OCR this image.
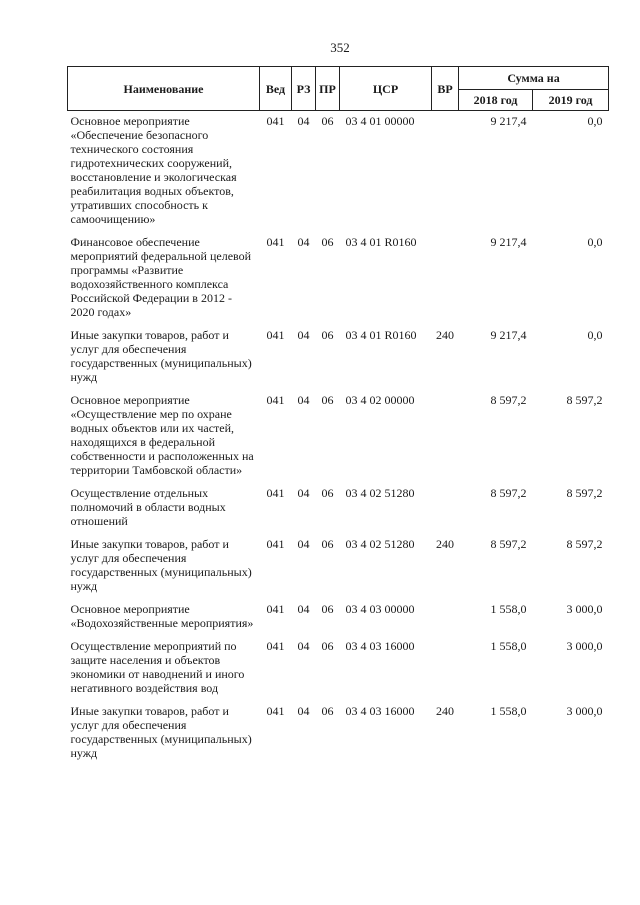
352
Наименование	Вед	РЗ	ПР	ЦСР	ВР	Сумма на	
						2018 год	2019 год
Основное мероприятие «Обеспечение безопасного технического состояния гидротехнических сооружений, восстановление и экологическая реабилитация водных объектов, утративших способность к самоочищению»	041	04	06	03 4 01 00000		9 217,4	0,0
Финансовое обеспечение мероприятий федеральной целевой программы «Развитие водохозяйственного комплекса Российской Федерации в 2012 - 2020 годах»	041	04	06	03 4 01 R0160		9 217,4	0,0
Иные закупки товаров, работ и услуг для обеспечения государственных (муниципальных) нужд	041	04	06	03 4 01 R0160	240	9 217,4	0,0
Основное мероприятие «Осуществление мер по охране водных объектов или их частей, находящихся в федеральной собственности и расположенных на территории Тамбовской области»	041	04	06	03 4 02 00000		8 597,2	8 597,2
Осуществление отдельных полномочий в области водных отношений	041	04	06	03 4 02 51280		8 597,2	8 597,2
Иные закупки товаров, работ и услуг для обеспечения государственных (муниципальных) нужд	041	04	06	03 4 02 51280	240	8 597,2	8 597,2
Основное мероприятие «Водохозяйственные мероприятия»	041	04	06	03 4 03 00000		1 558,0	3 000,0
Осуществление мероприятий по защите населения и объектов экономики от наводнений и иного негативного воздействия вод	041	04	06	03 4 03 16000		1 558,0	3 000,0
Иные закупки товаров, работ и услуг для обеспечения государственных (муниципальных) нужд	041	04	06	03 4 03 16000	240	1 558,0	3 000,0
